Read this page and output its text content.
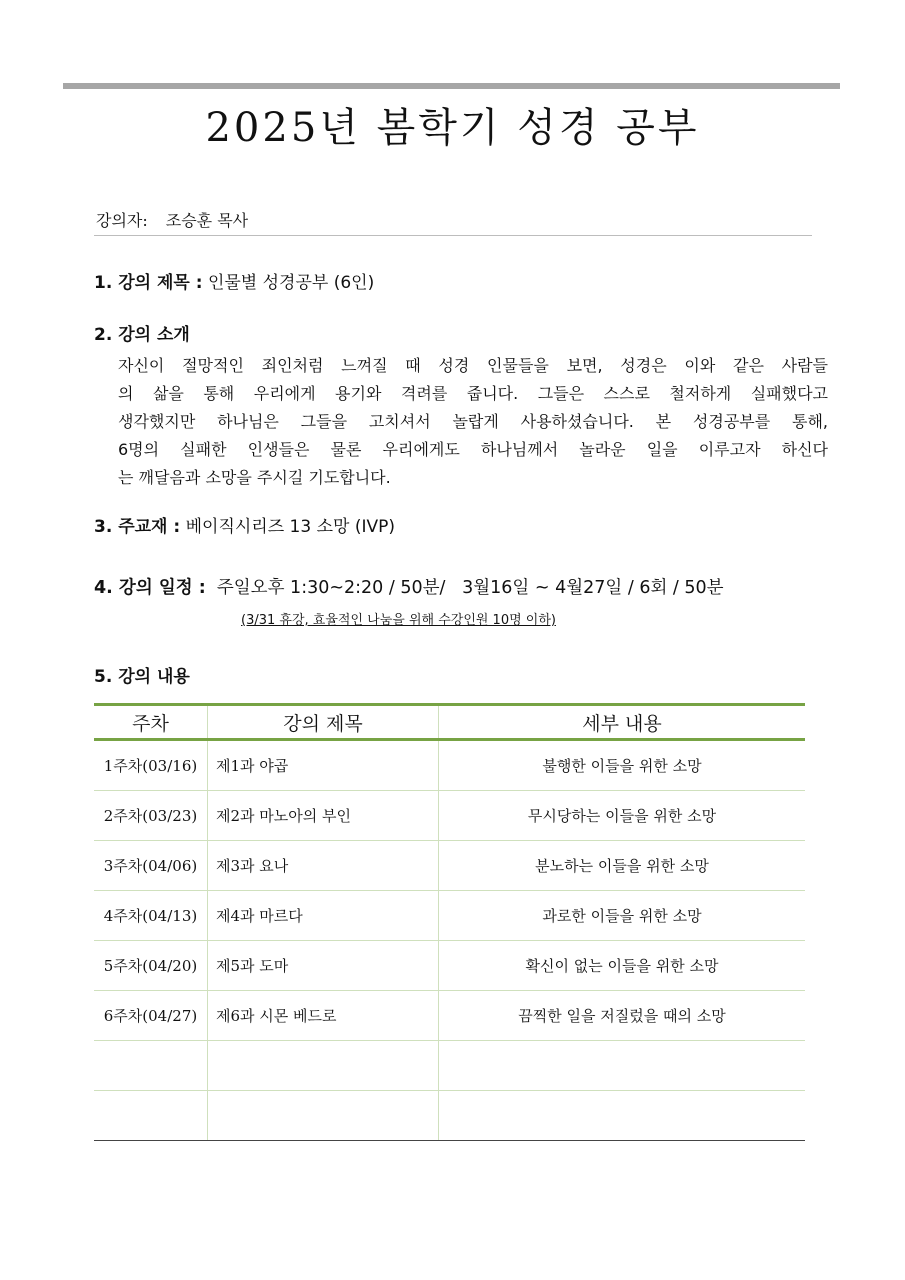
2025년 봄학기 성경 공부
강의자: 조승훈 목사
1. 강의 제목 : 인물별 성경공부 (6인)
2. 강의 소개
자신이 절망적인 죄인처럼 느껴질 때 성경 인물들을 보면, 성경은 이와 같은 사람들
의 삶을 통해 우리에게 용기와 격려를 줍니다. 그들은 스스로 철저하게 실패했다고
생각했지만 하나님은 그들을 고치셔서 놀랍게 사용하셨습니다. 본 성경공부를 통해,
6명의 실패한 인생들은 물론 우리에게도 하나님께서 놀라운 일을 이루고자 하신다
는 깨달음과 소망을 주시길 기도합니다.
3. 주교재 : 베이직시리즈 13 소망 (IVP)
4. 강의 일정 : 주일오후 1:30~2:20 / 50분/   3월16일 ~ 4월27일 / 6회 / 50분
(3/31 휴강, 효율적인 나눔을 위해 수강인원 10명 이하)
5. 강의 내용
주차	강의 제목	세부 내용
1주차(03/16)	제1과 야곱	불행한 이들을 위한 소망
2주차(03/23)	제2과 마노아의 부인	무시당하는 이들을 위한 소망
3주차(04/06)	제3과 요나	분노하는 이들을 위한 소망
4주차(04/13)	제4과 마르다	과로한 이들을 위한 소망
5주차(04/20)	제5과 도마	확신이 없는 이들을 위한 소망
6주차(04/27)	제6과 시몬 베드로	끔찍한 일을 저질렀을 때의 소망
